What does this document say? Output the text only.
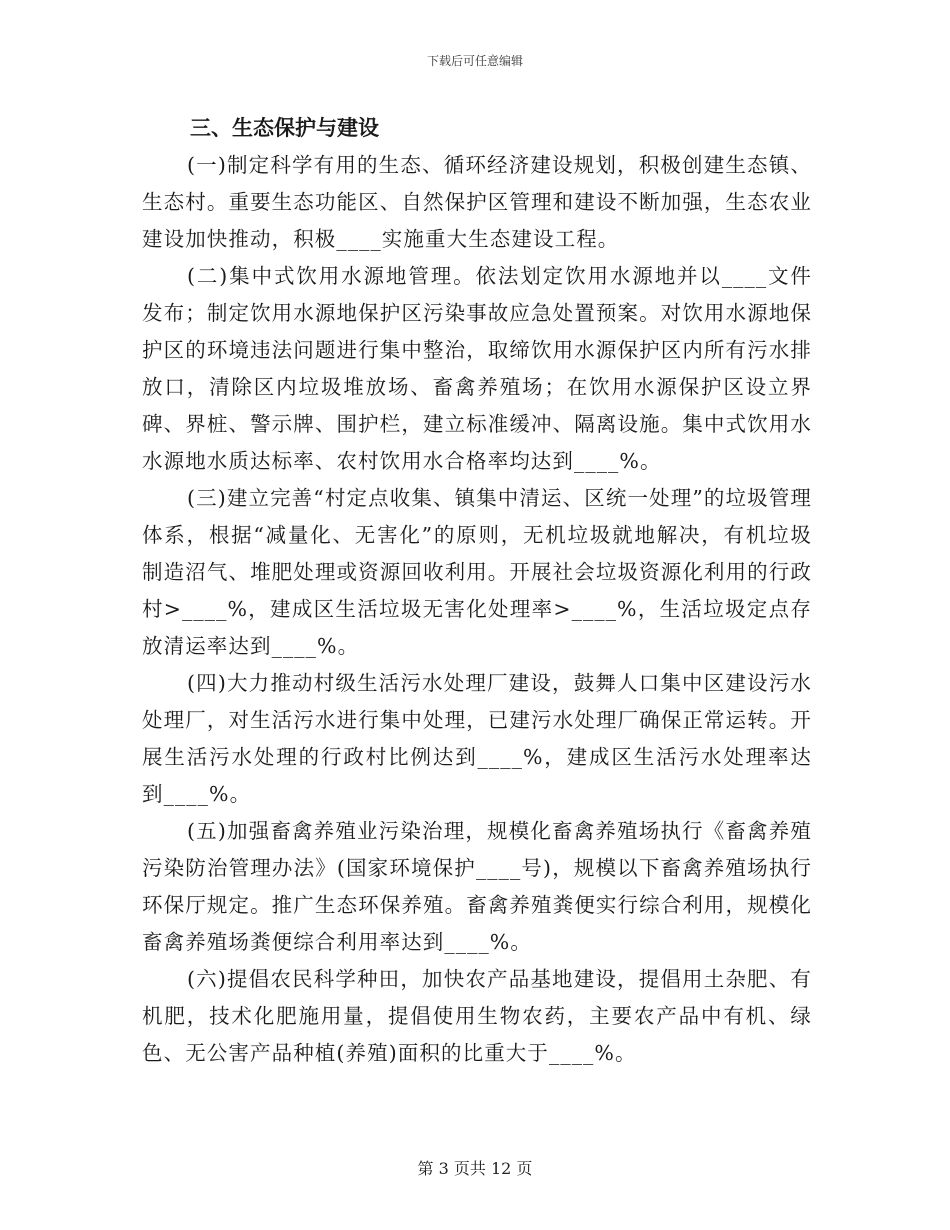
下载后可任意编辑
三、生态保护与建设

(一)制定科学有用的生态、循环经济建设规划，积极创建生态镇、生态村。重要生态功能区、自然保护区管理和建设不断加强，生态农业建设加快推动，积极____实施重大生态建设工程。

(二)集中式饮用水源地管理。依法划定饮用水源地并以____文件发布；制定饮用水源地保护区污染事故应急处置预案。对饮用水源地保护区的环境违法问题进行集中整治，取缔饮用水源保护区内所有污水排放口，清除区内垃圾堆放场、畜禽养殖场；在饮用水源保护区设立界碑、界桩、警示牌、围护栏，建立标准缓冲、隔离设施。集中式饮用水水源地水质达标率、农村饮用水合格率均达到____%。

(三)建立完善“村定点收集、镇集中清运、区统一处理”的垃圾管理体系，根据“减量化、无害化”的原则，无机垃圾就地解决，有机垃圾制造沼气、堆肥处理或资源回收利用。开展社会垃圾资源化利用的行政村>____%，建成区生活垃圾无害化处理率>____%，生活垃圾定点存放清运率达到____%。

(四)大力推动村级生活污水处理厂建设，鼓舞人口集中区建设污水处理厂，对生活污水进行集中处理，已建污水处理厂确保正常运转。开展生活污水处理的行政村比例达到____%，建成区生活污水处理率达到____%。

(五)加强畜禽养殖业污染治理，规模化畜禽养殖场执行《畜禽养殖污染防治管理办法》(国家环境保护____号)，规模以下畜禽养殖场执行环保厅规定。推广生态环保养殖。畜禽养殖粪便实行综合利用，规模化畜禽养殖场粪便综合利用率达到____%。

(六)提倡农民科学种田，加快农产品基地建设，提倡用土杂肥、有机肥，技术化肥施用量，提倡使用生物农药，主要农产品中有机、绿色、无公害产品种植(养殖)面积的比重大于____%。

第 3 页共 12 页
